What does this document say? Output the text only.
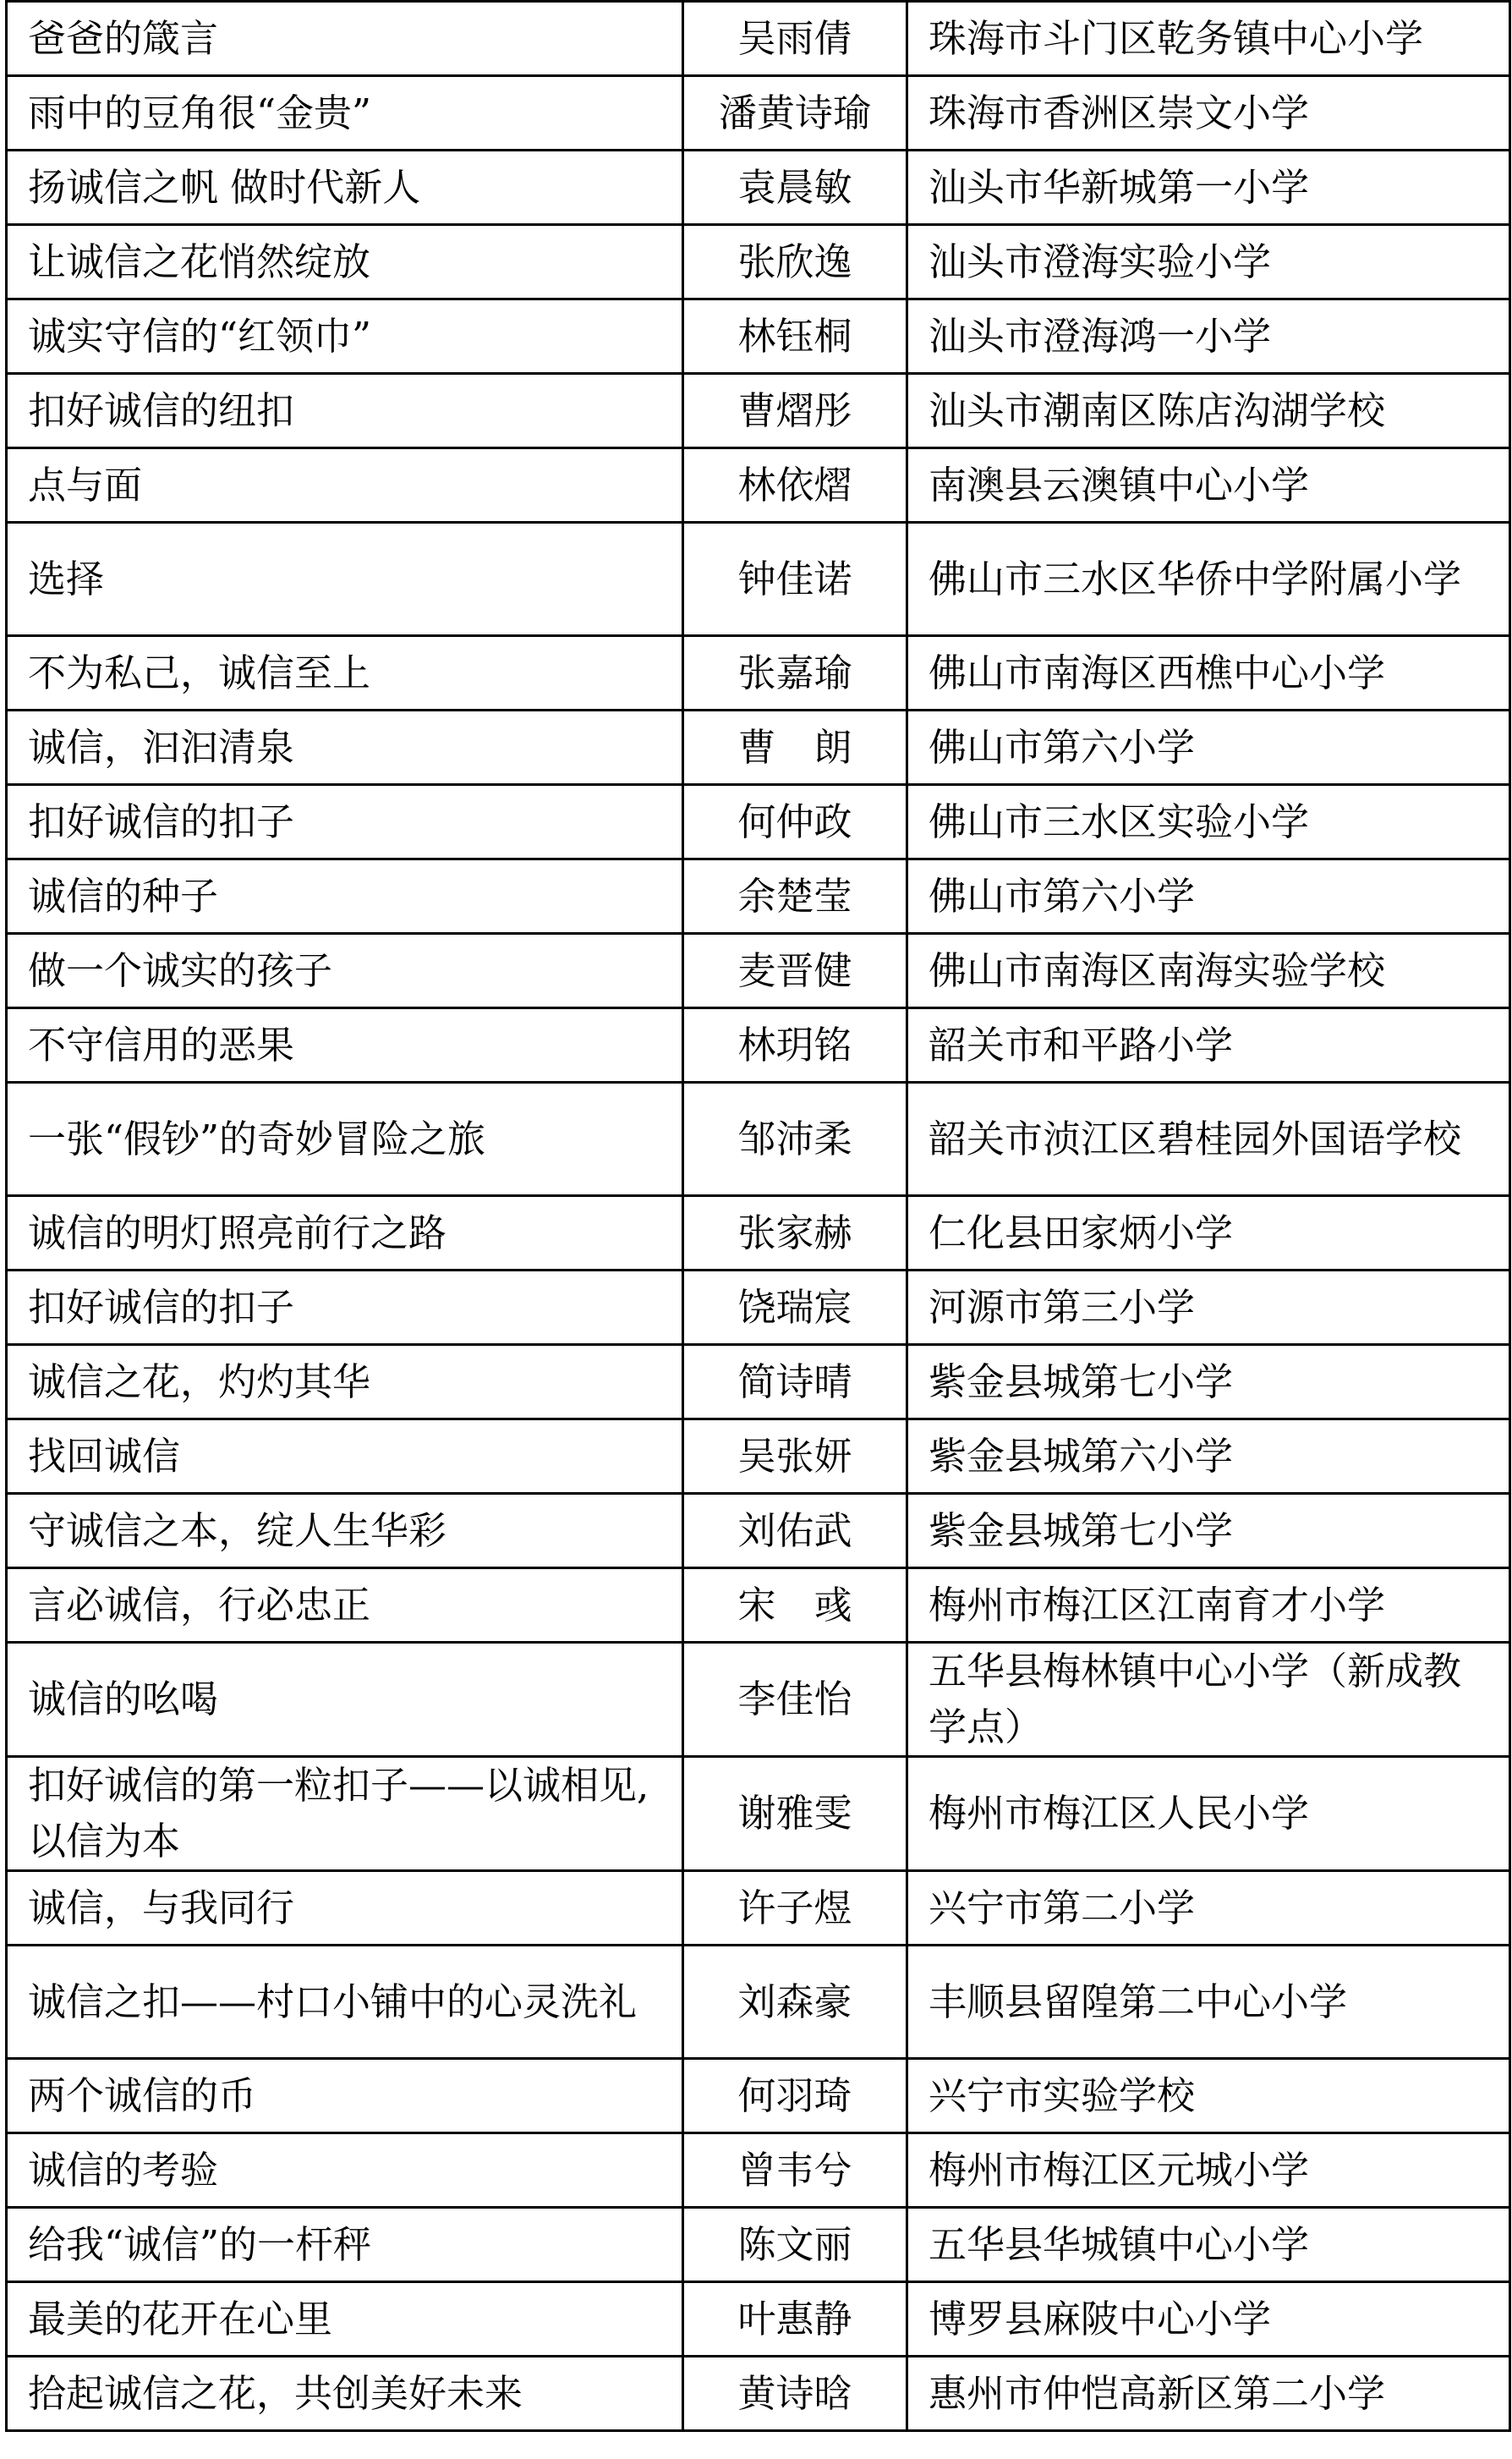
爸爸的箴言	吴雨倩	珠海市斗门区乾务镇中心小学
雨中的豆角很“金贵”	潘黄诗瑜	珠海市香洲区崇文小学
扬诚信之帆 做时代新人	袁晨敏	汕头市华新城第一小学
让诚信之花悄然绽放	张欣逸	汕头市澄海实验小学
诚实守信的“红领巾”	林钰桐	汕头市澄海鸿一小学
扣好诚信的纽扣	曹熠彤	汕头市潮南区陈店沟湖学校
点与面	林依熠	南澳县云澳镇中心小学
选择	钟佳诺	佛山市三水区华侨中学附属小学
不为私己，诚信至上	张嘉瑜	佛山市南海区西樵中心小学
诚信，汩汩清泉	曹　朗	佛山市第六小学
扣好诚信的扣子	何仲政	佛山市三水区实验小学
诚信的种子	余楚莹	佛山市第六小学
做一个诚实的孩子	麦晋健	佛山市南海区南海实验学校
不守信用的恶果	林玥铭	韶关市和平路小学
一张“假钞”的奇妙冒险之旅	邹沛柔	韶关市浈江区碧桂园外国语学校
诚信的明灯照亮前行之路	张家赫	仁化县田家炳小学
扣好诚信的扣子	饶瑞宸	河源市第三小学
诚信之花，灼灼其华	简诗晴	紫金县城第七小学
找回诚信	吴张妍	紫金县城第六小学
守诚信之本，绽人生华彩	刘佑武	紫金县城第七小学
言必诚信，行必忠正	宋　彧	梅州市梅江区江南育才小学
诚信的吆喝	李佳怡	五华县梅林镇中心小学（新成教学点）
扣好诚信的第一粒扣子——以诚相见,以信为本	谢雅雯	梅州市梅江区人民小学
诚信，与我同行	许子煜	兴宁市第二小学
诚信之扣——村口小铺中的心灵洗礼	刘森豪	丰顺县留隍第二中心小学
两个诚信的币	何羽琦	兴宁市实验学校
诚信的考验	曾韦兮	梅州市梅江区元城小学
给我“诚信”的一杆秤	陈文丽	五华县华城镇中心小学
最美的花开在心里	叶惠静	博罗县麻陂中心小学
拾起诚信之花，共创美好未来	黄诗晗	惠州市仲恺高新区第二小学
